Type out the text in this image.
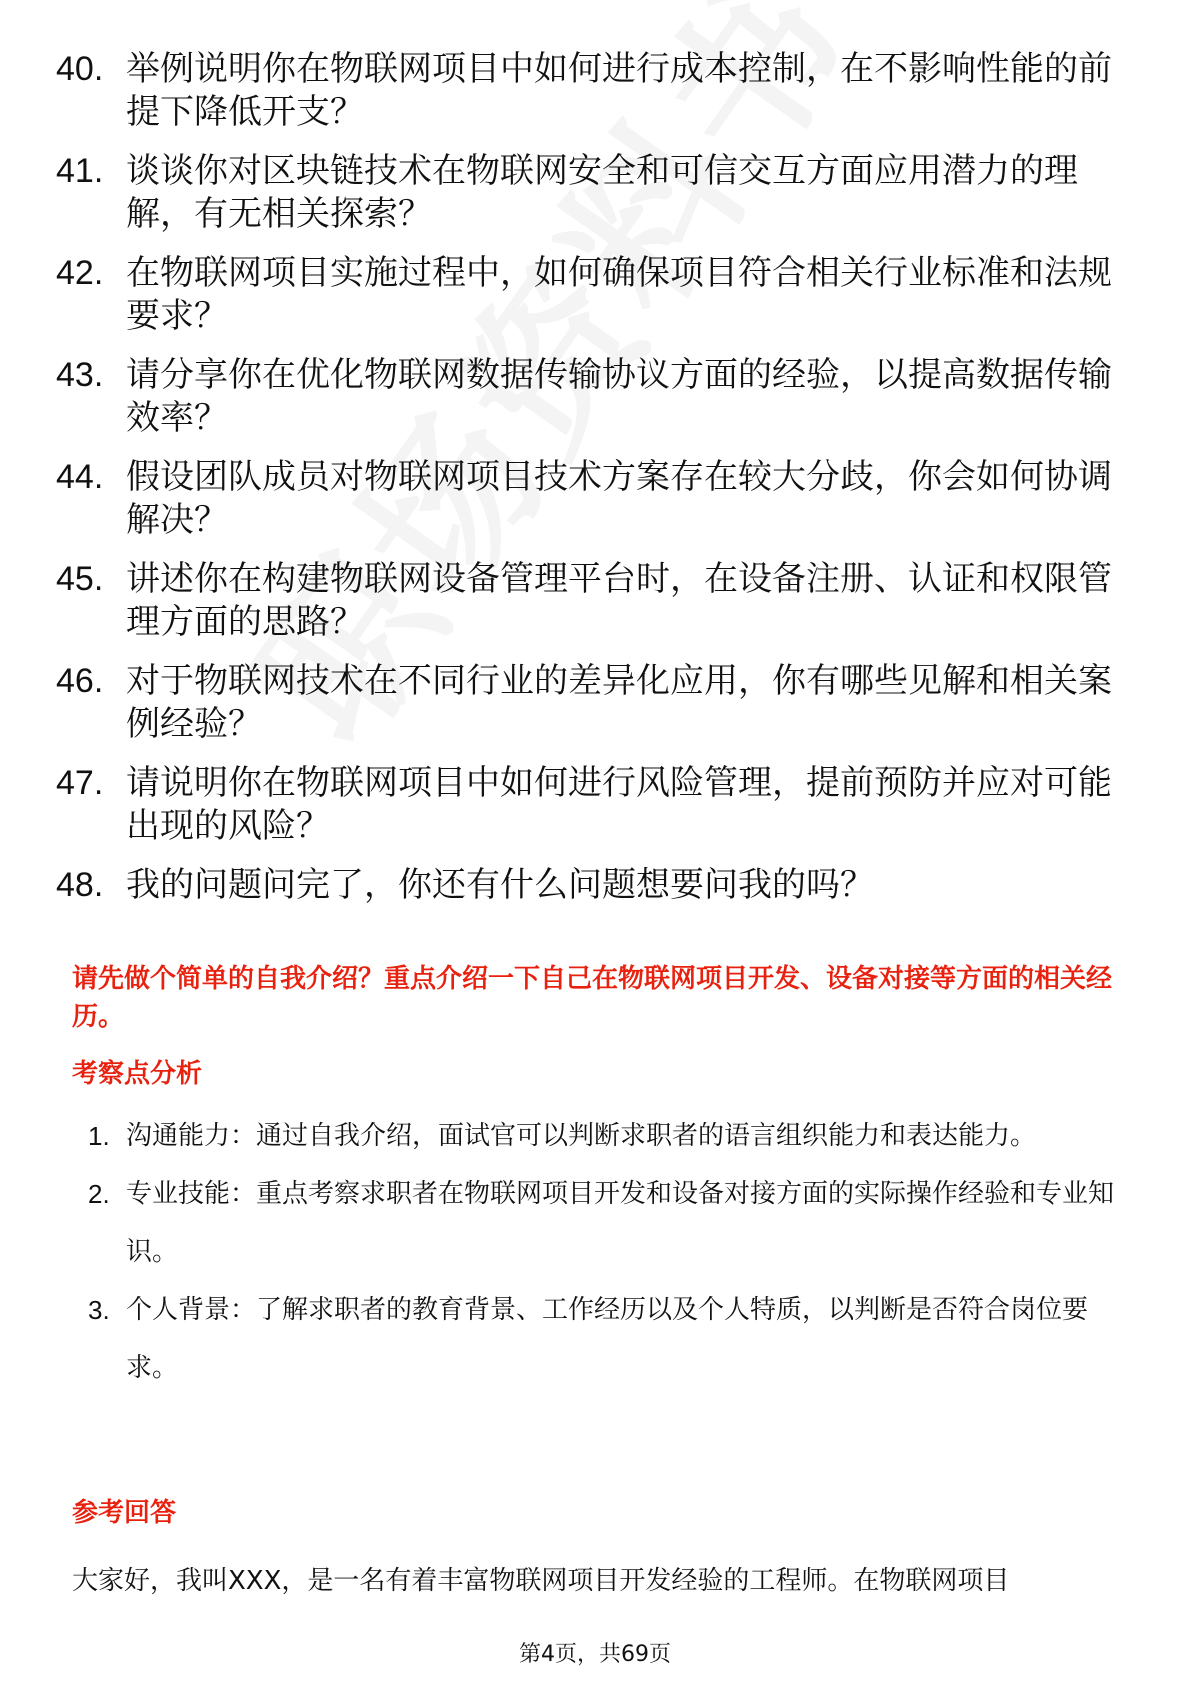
40. 举例说明你在物联网项目中如何进行成本控制，在不影响性能的前提下降低开支？
41. 谈谈你对区块链技术在物联网安全和可信交互方面应用潜力的理解，有无相关探索？
42. 在物联网项目实施过程中，如何确保项目符合相关行业标准和法规要求？
43. 请分享你在优化物联网数据传输协议方面的经验，以提高数据传输效率？
44. 假设团队成员对物联网项目技术方案存在较大分歧，你会如何协调解决？
45. 讲述你在构建物联网设备管理平台时，在设备注册、认证和权限管理方面的思路？
46. 对于物联网技术在不同行业的差异化应用，你有哪些见解和相关案例经验？
47. 请说明你在物联网项目中如何进行风险管理，提前预防并应对可能出现的风险？
48. 我的问题问完了，你还有什么问题想要问我的吗？
请先做个简单的自我介绍？重点介绍一下自己在物联网项目开发、设备对接等方面的相关经历。
考察点分析
1. 沟通能力：通过自我介绍，面试官可以判断求职者的语言组织能力和表达能力。
2. 专业技能：重点考察求职者在物联网项目开发和设备对接方面的实际操作经验和专业知识。
3. 个人背景：了解求职者的教育背景、工作经历以及个人特质，以判断是否符合岗位要求。
参考回答
大家好，我叫XXX，是一名有着丰富物联网项目开发经验的工程师。在物联网项目
第4页，共69页
